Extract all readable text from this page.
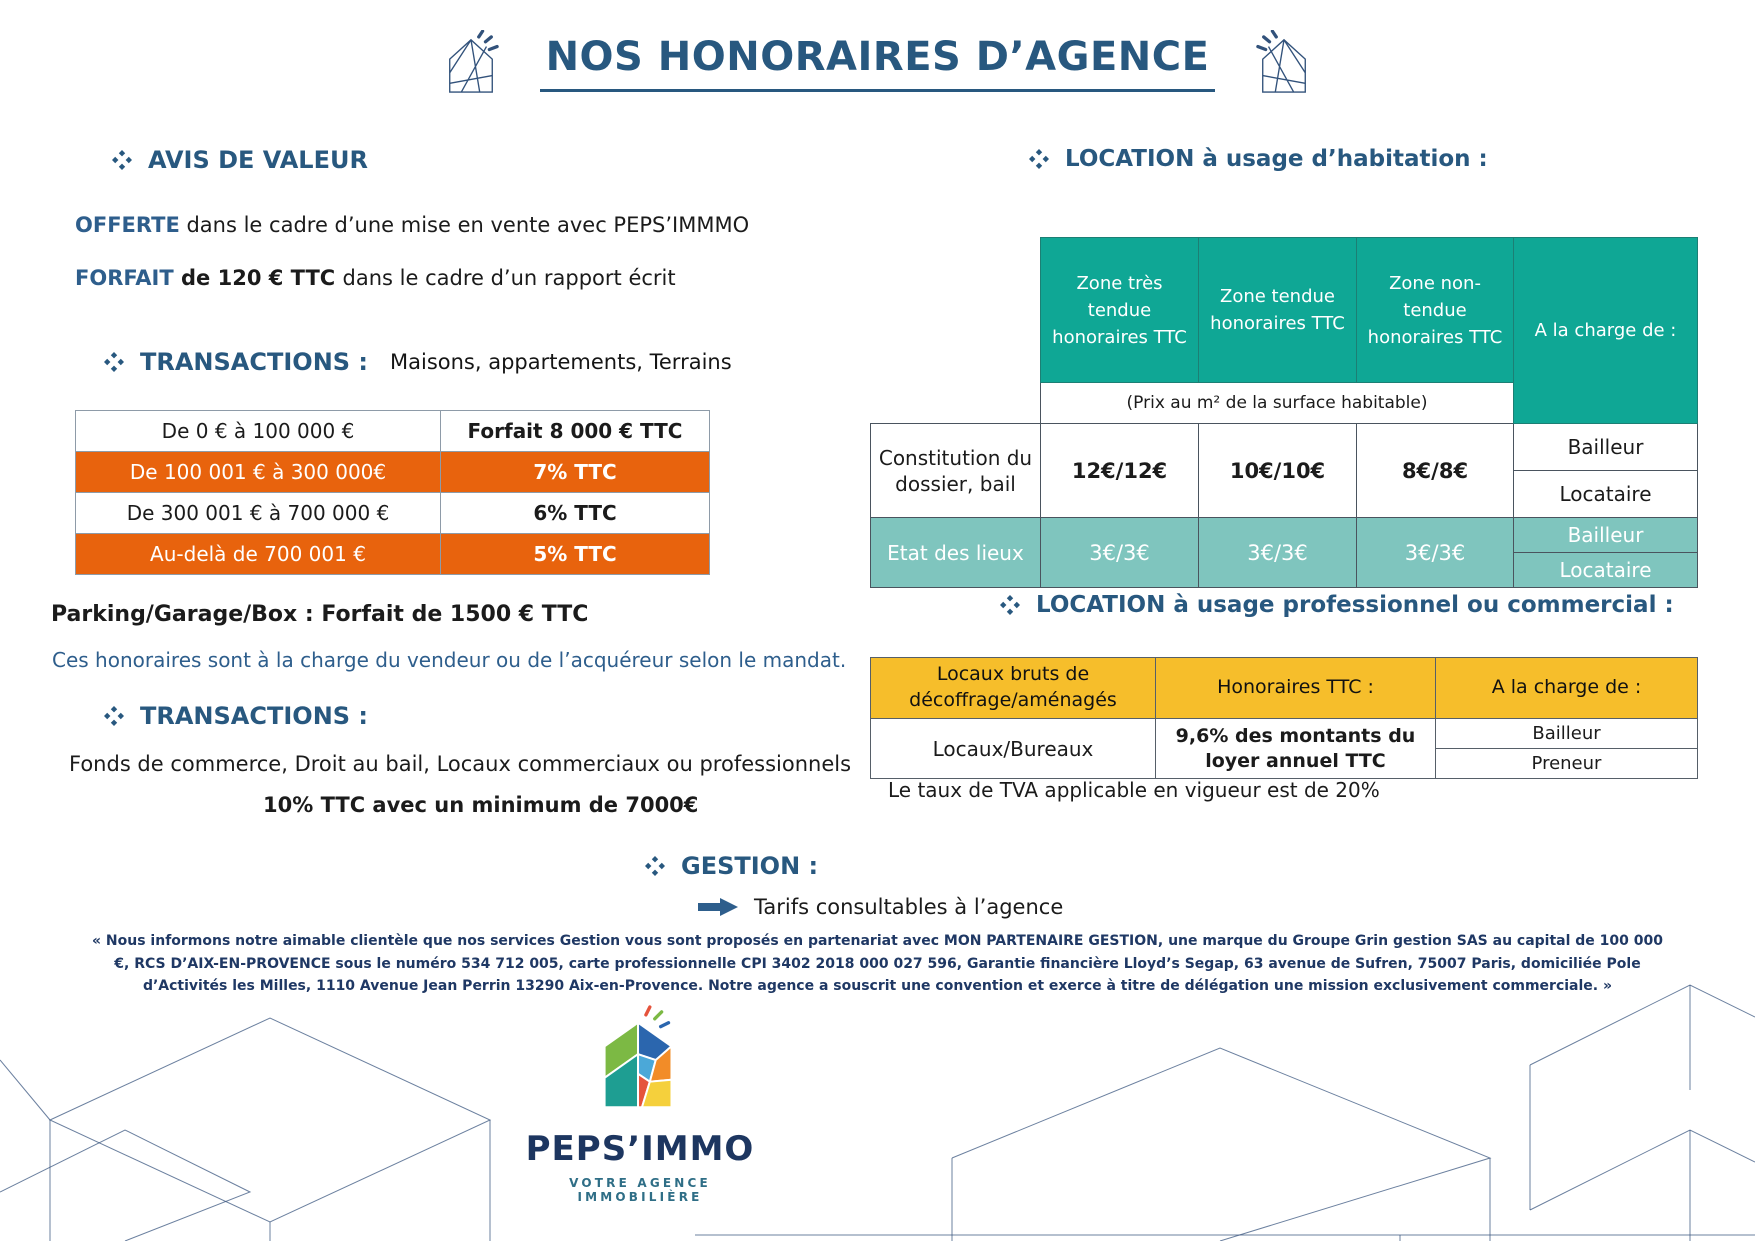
NOS HONORAIRES D’AGENCE
AVIS DE VALEUR
OFFERTE dans le cadre d’une mise en vente avec PEPS’IMMMO
FORFAIT de 120 € TTC dans le cadre d’un rapport écrit
TRANSACTIONS : Maisons, appartements, Terrains
De 0 € à 100 000 €	Forfait 8 000 € TTC
De 100 001 € à 300 000€	7% TTC
De 300 001 € à 700 000 €	6% TTC
Au-delà de 700 001 €	5% TTC
Parking/Garage/Box : Forfait de 1500 € TTC
Ces honoraires sont à la charge du vendeur ou de l’acquéreur selon le mandat.
TRANSACTIONS :
Fonds de commerce, Droit au bail, Locaux commerciaux ou professionnels
10% TTC avec un minimum de 7000€
LOCATION à usage d’habitation :
	Zone très tendue honoraires TTC	Zone tendue honoraires TTC	Zone non-tendue honoraires TTC	A la charge de :
	(Prix au m² de la surface habitable)			
Constitution du dossier, bail	12€/12€	10€/10€	8€/8€	Bailleur
				Locataire
Etat des lieux	3€/3€	3€/3€	3€/3€	Bailleur
				Locataire
LOCATION à usage professionnel ou commercial :
Locaux bruts de décoffrage/aménagés	Honoraires TTC :	A la charge de :
Locaux/Bureaux	9,6% des montants du loyer annuel TTC	Bailleur
		Preneur
Le taux de TVA applicable en vigueur est de 20%
GESTION :
Tarifs consultables à l’agence
« Nous informons notre aimable clientèle que nos services Gestion vous sont proposés en partenariat avec MON PARTENAIRE GESTION, une marque du Groupe Grin gestion SAS au capital de 100 000 €, RCS D’AIX-EN-PROVENCE sous le numéro 534 712 005, carte professionnelle CPI 3402 2018 000 027 596, Garantie financière Lloyd’s Segap, 63 avenue de Sufren, 75007 Paris, domiciliée Pole d’Activités les Milles, 1110 Avenue Jean Perrin 13290 Aix-en-Provence. Notre agence a souscrit une convention et exerce à titre de délégation une mission exclusivement commerciale. »
PEPS’IMMO
VOTRE AGENCE IMMOBILIÈRE
